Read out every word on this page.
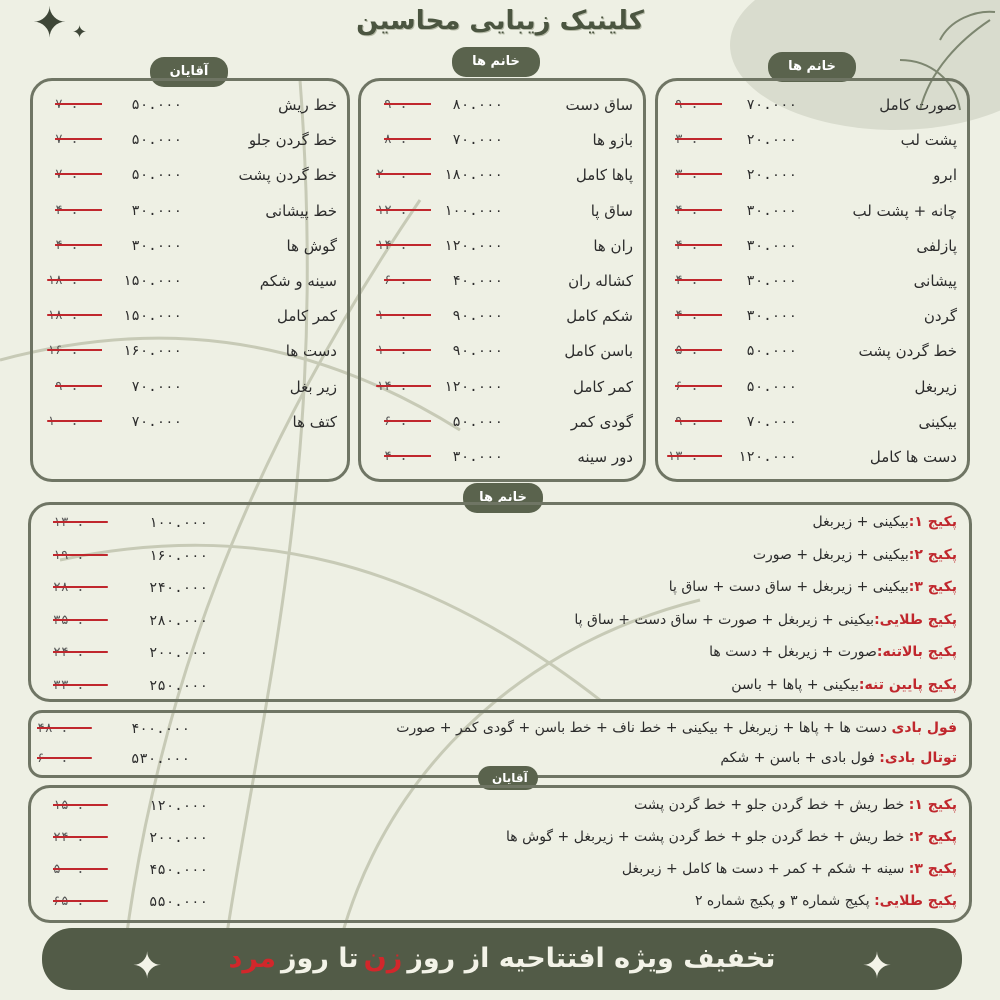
✦ ✦	کلینیک زیبایی محاسین
خانم ها
خانم ها
آقایان
صورت کامل
۷۰.۰۰۰
۹۰.۰۰۰
پشت لب
۲۰.۰۰۰
۳۰.۰۰۰
ابرو
۲۰.۰۰۰
۳۰.۰۰۰
چانه + پشت لب
۳۰.۰۰۰
۴۰.۰۰۰
پازلفی
۳۰.۰۰۰
۴۰.۰۰۰
پیشانی
۳۰.۰۰۰
۴۰.۰۰۰
گردن
۳۰.۰۰۰
۴۰.۰۰۰
خط گردن پشت
۵۰.۰۰۰
۵۰.۰۰۰
زیربغل
۵۰.۰۰۰
۶۰.۰۰۰
بیکینی
۷۰.۰۰۰
۹۰.۰۰۰
دست ها کامل
۱۲۰.۰۰۰
۱۳۰.۰۰۰
ساق دست
۸۰.۰۰۰
۹۰.۰۰۰
بازو ها
۷۰.۰۰۰
۸۰.۰۰۰
پاها کامل
۱۸۰.۰۰۰
۲۰۰.۰۰۰
ساق پا
۱۰۰.۰۰۰
۱۲۰.۰۰۰
ران ها
۱۲۰.۰۰۰
۱۴۰.۰۰۰
کشاله ران
۴۰.۰۰۰
۶۰.۰۰۰
شکم کامل
۹۰.۰۰۰
۱۰۰.۰۰۰
باسن کامل
۹۰.۰۰۰
۱۰۰.۰۰۰
کمر کامل
۱۲۰.۰۰۰
۱۴۰.۰۰۰
گودی کمر
۵۰.۰۰۰
۶۰.۰۰۰
دور سینه
۳۰.۰۰۰
۴۰.۰۰۰
خط ریش
۵۰.۰۰۰
۷۰.۰۰۰
خط گردن جلو
۵۰.۰۰۰
۷۰.۰۰۰
خط گردن پشت
۵۰.۰۰۰
۷۰.۰۰۰
خط پیشانی
۳۰.۰۰۰
۴۰.۰۰۰
گوش ها
۳۰.۰۰۰
۴۰.۰۰۰
سینه و شکم
۱۵۰.۰۰۰
۱۸۰.۰۰۰
کمر کامل
۱۵۰.۰۰۰
۱۸۰.۰۰۰
دست ها
۱۶۰.۰۰۰
۱۶۰.۰۰۰
زیر بغل
۷۰.۰۰۰
۹۰.۰۰۰
کتف ها
۷۰.۰۰۰
۱۰۰.۰۰۰
خانم ها
پکیج ۱:بیکینی + زیربغل
۱۰۰.۰۰۰
۱۳۰.۰۰۰
پکیج ۲:بیکینی + زیربغل + صورت
۱۶۰.۰۰۰
۱۹۰.۰۰۰
پکیج ۳:بیکینی + زیربغل + ساق دست + ساق پا
۲۴۰.۰۰۰
۲۸۰.۰۰۰
پکیج طلایی:بیکینی + زیربغل + صورت + ساق دست + ساق پا
۲۸۰.۰۰۰
۳۵۰.۰۰۰
پکیج بالاتنه:صورت + زیربغل + دست ها
۲۰۰.۰۰۰
۲۴۰.۰۰۰
پکیج پایین تنه:بیکینی + پاها + باسن
۲۵۰.۰۰۰
۳۳۰.۰۰۰
فول بادی دست ها + پاها + زیربغل + بیکینی + خط ناف + خط باسن + گودی کمر + صورت
۴۰۰.۰۰۰
۴۸۰.۰۰۰
توتال بادی: فول بادی + باسن + شکم
۵۳۰.۰۰۰
۶۰۰.۰۰۰
آقایان
پکیج ۱: خط ریش + خط گردن جلو + خط گردن پشت
۱۲۰.۰۰۰
۱۵۰.۰۰۰
پکیج ۲: خط ریش + خط گردن جلو + خط گردن پشت + زیربغل + گوش ها
۲۰۰.۰۰۰
۲۴۰.۰۰۰
پکیج ۳: سینه + شکم + کمر + دست ها کامل + زیربغل
۴۵۰.۰۰۰
۵۰۰.۰۰۰
پکیج طلایی: پکیج شماره ۳ و پکیج شماره ۲
۵۵۰.۰۰۰
۶۵۰.۰۰۰
✦
تخفیف ویژه افتتاحیه از روز زن تا روز مرد
✦
